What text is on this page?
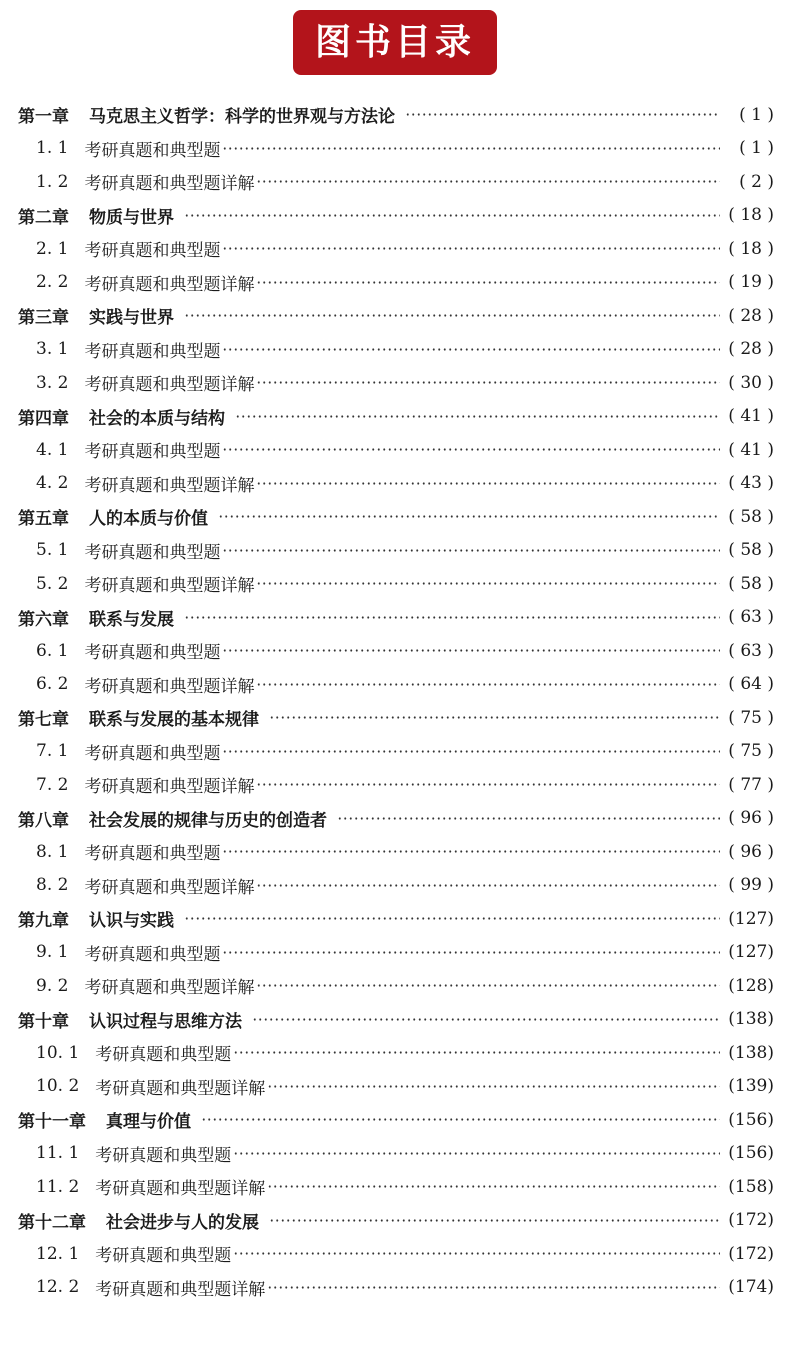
图书目录
第一章 马克思主义哲学：科学的世界观与方法论	( 1 )
1. 1 考研真题和典型题	( 1 )
1. 2 考研真题和典型题详解	( 2 )
第二章 物质与世界	( 18 )
2. 1 考研真题和典型题	( 18 )
2. 2 考研真题和典型题详解	( 19 )
第三章 实践与世界	( 28 )
3. 1 考研真题和典型题	( 28 )
3. 2 考研真题和典型题详解	( 30 )
第四章 社会的本质与结构	( 41 )
4. 1 考研真题和典型题	( 41 )
4. 2 考研真题和典型题详解	( 43 )
第五章 人的本质与价值	( 58 )
5. 1 考研真题和典型题	( 58 )
5. 2 考研真题和典型题详解	( 58 )
第六章 联系与发展	( 63 )
6. 1 考研真题和典型题	( 63 )
6. 2 考研真题和典型题详解	( 64 )
第七章 联系与发展的基本规律	( 75 )
7. 1 考研真题和典型题	( 75 )
7. 2 考研真题和典型题详解	( 77 )
第八章 社会发展的规律与历史的创造者	( 96 )
8. 1 考研真题和典型题	( 96 )
8. 2 考研真题和典型题详解	( 99 )
第九章 认识与实践	(127)
9. 1 考研真题和典型题	(127)
9. 2 考研真题和典型题详解	(128)
第十章 认识过程与思维方法	(138)
10. 1 考研真题和典型题	(138)
10. 2 考研真题和典型题详解	(139)
第十一章 真理与价值	(156)
11. 1 考研真题和典型题	(156)
11. 2 考研真题和典型题详解	(158)
第十二章 社会进步与人的发展	(172)
12. 1 考研真题和典型题	(172)
12. 2 考研真题和典型题详解	(174)
